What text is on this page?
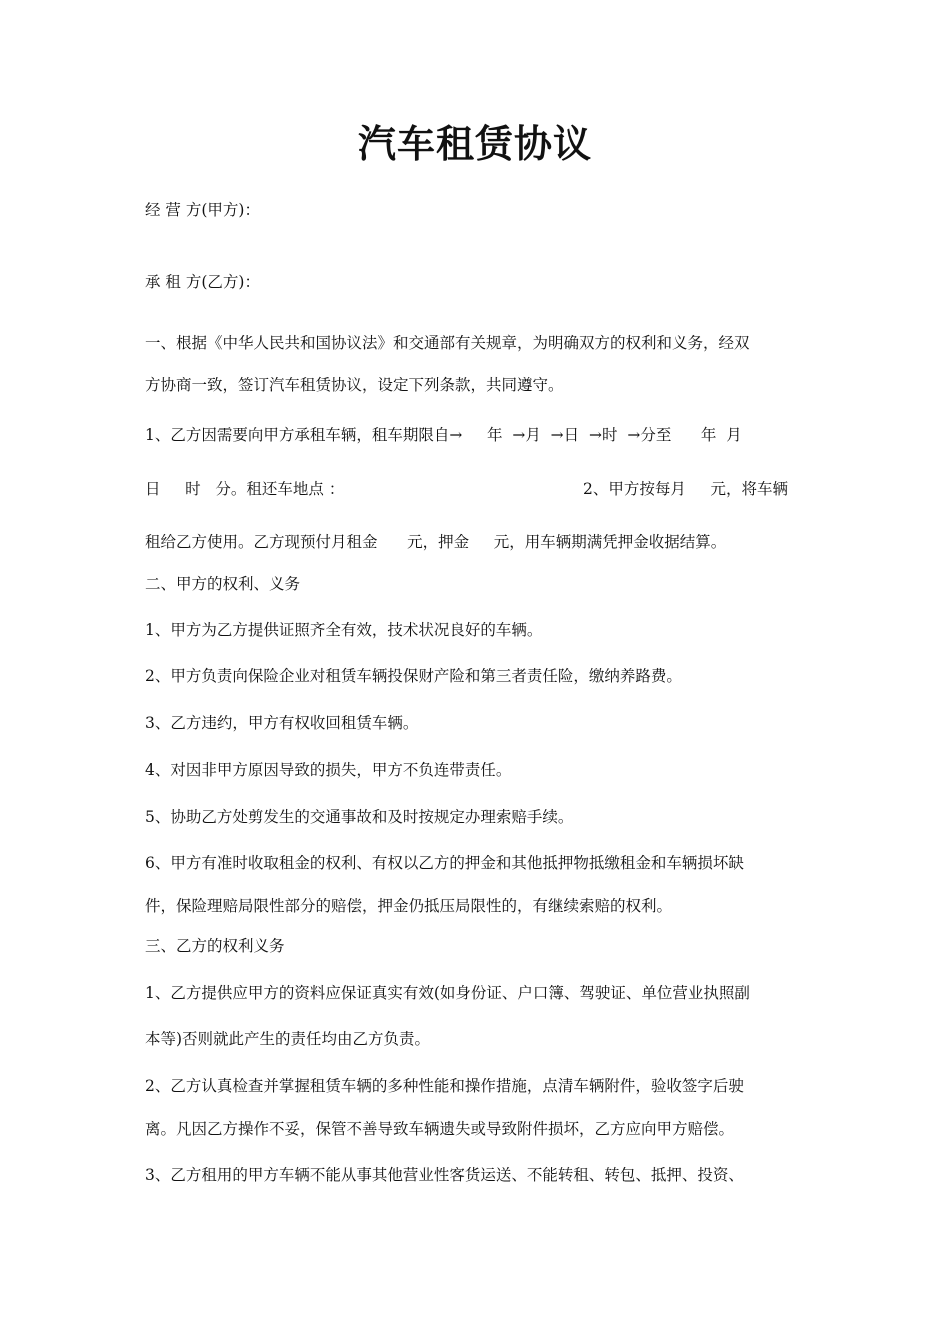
汽车租赁协议
经 营 方(甲方)：
承 租 方(乙方)：
一、根据《中华人民共和国协议法》和交通部有关规章，为明确双方的权利和义务，经双
方协商一致，签订汽车租赁协议，设定下列条款，共同遵守。
1、乙方因需要向甲方承租车辆，租车期限自→     年  →月  →日  →时  →分至      年  月
日     时   分。租还车地点 ：	2、甲方按每月     元，将车辆
租给乙方使用。乙方现预付月租金      元，押金     元，用车辆期满凭押金收据结算。
二、甲方的权利、义务
1、甲方为乙方提供证照齐全有效，技术状况良好的车辆。
2、甲方负责向保险企业对租赁车辆投保财产险和第三者责任险，缴纳养路费。
3、乙方违约，甲方有权收回租赁车辆。
4、对因非甲方原因导致的损失，甲方不负连带责任。
5、协助乙方处剪发生的交通事故和及时按规定办理索赔手续。
6、甲方有准时收取租金的权利、有权以乙方的押金和其他抵押物抵缴租金和车辆损坏缺
件，保险理赔局限性部分的赔偿，押金仍抵压局限性的，有继续索赔的权利。
三、乙方的权利义务
1、乙方提供应甲方的资料应保证真实有效(如身份证、户口簿、驾驶证、单位营业执照副
本等)否则就此产生的责任均由乙方负责。
2、乙方认真检查并掌握租赁车辆的多种性能和操作措施，点清车辆附件，验收签字后驶
离。凡因乙方操作不妥，保管不善导致车辆遗失或导致附件损坏，乙方应向甲方赔偿。
3、乙方租用的甲方车辆不能从事其他营业性客货运送、不能转租、转包、抵押、投资、
